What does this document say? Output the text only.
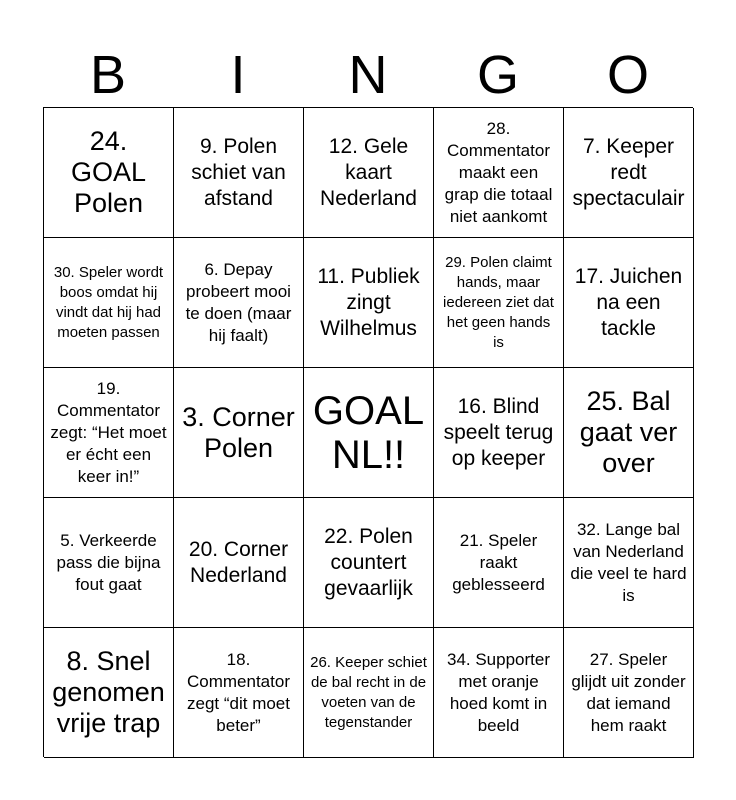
B	I	N	G	O
24. GOAL Polen
9. Polen schiet van afstand
12. Gele kaart Nederland
28. Commentator maakt een grap die totaal niet aankomt
7. Keeper redt spectaculair
30. Speler wordt boos omdat hij vindt dat hij had moeten passen
6. Depay probeert mooi te doen (maar hij faalt)
11. Publiek zingt Wilhelmus
29. Polen claimt hands, maar iedereen ziet dat het geen hands is
17. Juichen na een tackle
19. Commentator zegt: “Het moet er écht een keer in!”
3. Corner Polen
GOAL NL!!
16. Blind speelt terug op keeper
25. Bal gaat ver over
5. Verkeerde pass die bijna fout gaat
20. Corner Nederland
22. Polen countert gevaarlijk
21. Speler raakt geblesseerd
32. Lange bal van Nederland die veel te hard is
8. Snel genomen vrije trap
18. Commentator zegt “dit moet beter”
26. Keeper schiet de bal recht in de voeten van de tegenstander
34. Supporter met oranje hoed komt in beeld
27. Speler glijdt uit zonder dat iemand hem raakt
